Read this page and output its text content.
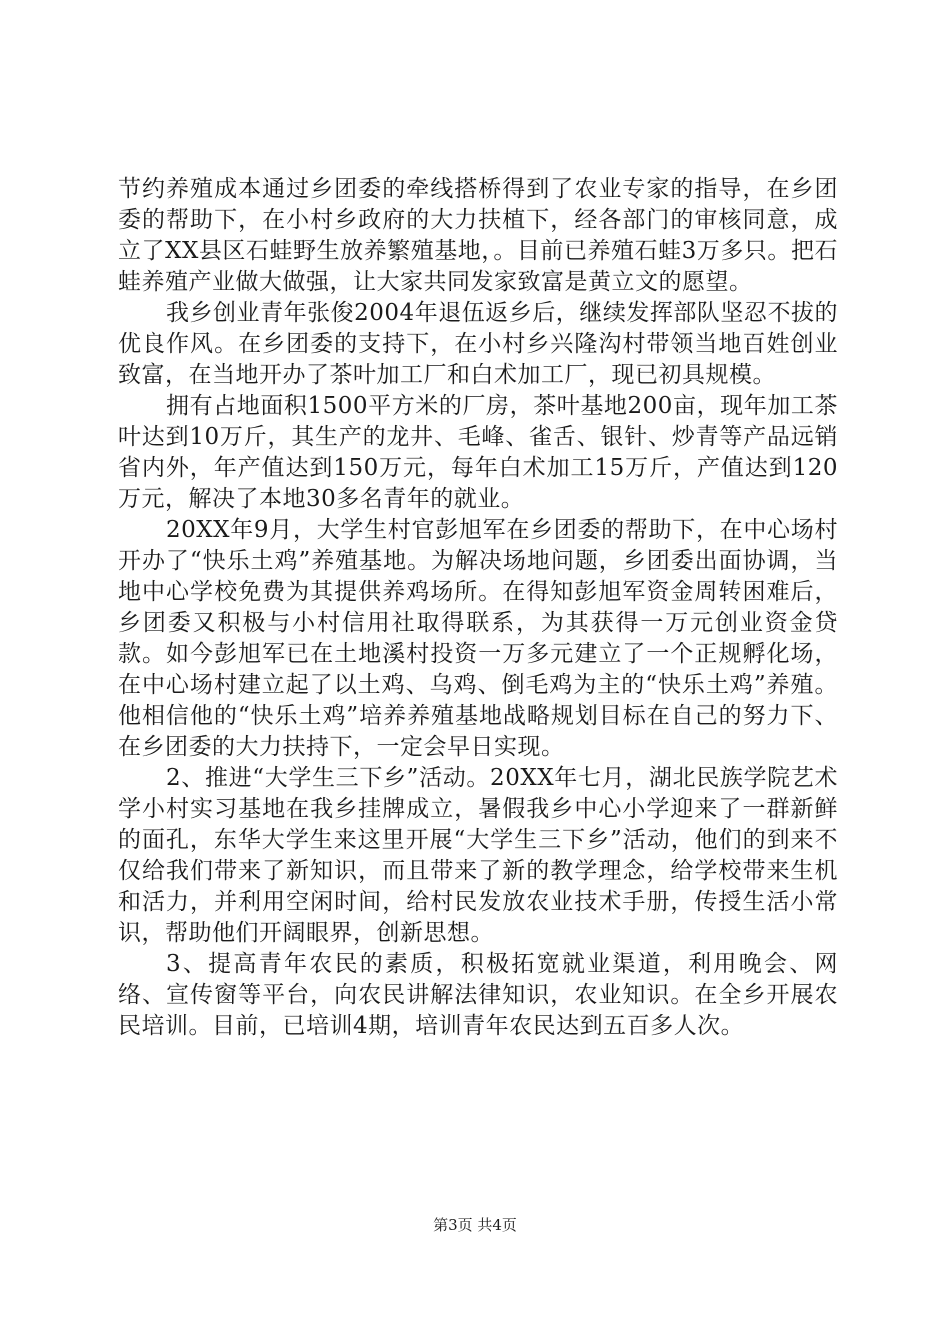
节约养殖成本通过乡团委的牵线搭桥得到了农业专家的指导，在乡团委的帮助下，在小村乡政府的大力扶植下，经各部门的审核同意，成立了XX县区石蛙野生放养繁殖基地，。目前已养殖石蛙3万多只。把石蛙养殖产业做大做强，让大家共同发家致富是黄立文的愿望。

我乡创业青年张俊2004年退伍返乡后，继续发挥部队坚忍不拔的优良作风。在乡团委的支持下，在小村乡兴隆沟村带领当地百姓创业致富，在当地开办了茶叶加工厂和白术加工厂，现已初具规模。

拥有占地面积1500平方米的厂房，茶叶基地200亩，现年加工茶叶达到10万斤，其生产的龙井、毛峰、雀舌、银针、炒青等产品远销省内外，年产值达到150万元，每年白术加工15万斤，产值达到120万元，解决了本地30多名青年的就业。

20XX年9月，大学生村官彭旭军在乡团委的帮助下，在中心场村开办了“快乐土鸡”养殖基地。为解决场地问题，乡团委出面协调，当地中心学校免费为其提供养鸡场所。在得知彭旭军资金周转困难后，乡团委又积极与小村信用社取得联系，为其获得一万元创业资金贷款。如今彭旭军已在土地溪村投资一万多元建立了一个正规孵化场，在中心场村建立起了以土鸡、乌鸡、倒毛鸡为主的“快乐土鸡”养殖。他相信他的“快乐土鸡”培养养殖基地战略规划目标在自己的努力下、在乡团委的大力扶持下，一定会早日实现。

2、推进“大学生三下乡”活动。20XX年七月，湖北民族学院艺术学小村实习基地在我乡挂牌成立，暑假我乡中心小学迎来了一群新鲜的面孔，东华大学生来这里开展“大学生三下乡”活动，他们的到来不仅给我们带来了新知识，而且带来了新的教学理念，给学校带来生机和活力，并利用空闲时间，给村民发放农业技术手册，传授生活小常识，帮助他们开阔眼界，创新思想。

3、提高青年农民的素质，积极拓宽就业渠道，利用晚会、网络、宣传窗等平台，向农民讲解法律知识，农业知识。在全乡开展农民培训。目前，已培训4期，培训青年农民达到五百多人次。

第3页 共4页
